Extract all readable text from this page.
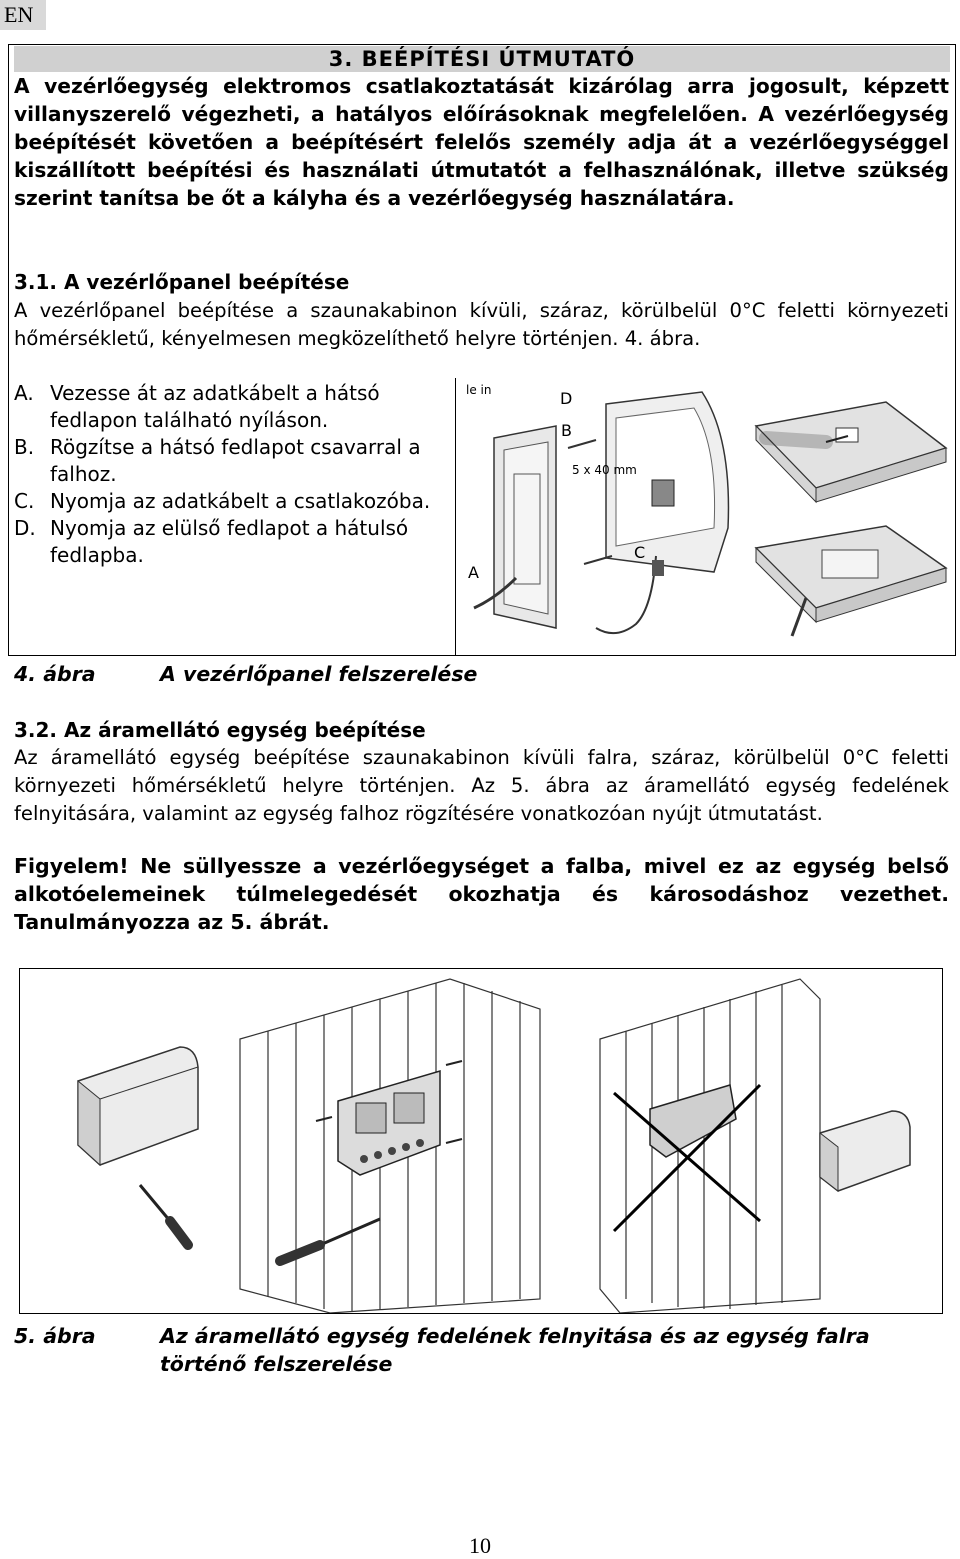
EN
3. BEÉPÍTÉSI ÚTMUTATÓ
A vezérlőegység elektromos csatlakoztatását kizárólag arra jogosult, képzett villanyszerelő végezheti, a hatályos előírásoknak megfelelően. A vezérlőegység beépítését követően a beépítésért felelős személy adja át a vezérlőegységgel kiszállított beépítési és használati útmutatót a felhasználónak, illetve szükség szerint tanítsa be őt a kályha és a vezérlőegység használatára.
3.1. A vezérlőpanel beépítése
A vezérlőpanel beépítése a szaunakabinon kívüli, száraz, körülbelül 0°C feletti környezeti hőmérsékletű, kényelmesen megközelíthető helyre történjen. 4. ábra.
A. Vezesse át az adatkábelt a hátsó fedlapon található nyíláson.
B. Rögzítse a hátsó fedlapot csavarral a falhoz.
C. Nyomja az adatkábelt a csatlakozóba.
D. Nyomja az elülső fedlapot a hátulsó fedlapba.
le in
B
D
5 x 40 mm
C
A
4. ábra	A vezérlőpanel felszerelése
3.2. Az áramellátó egység beépítése
Az áramellátó egység beépítése szaunakabinon kívüli falra, száraz, körülbelül 0°C feletti környezeti hőmérsékletű helyre történjen. Az 5. ábra az áramellátó egység fedelének felnyitására, valamint az egység falhoz rögzítésére vonatkozóan nyújt útmutatást.
Figyelem! Ne süllyessze a vezérlőegységet a falba, mivel ez az egység belső alkotóelemeinek túlmelegedését okozhatja és károsodáshoz vezethet. Tanulmányozza az 5. ábrát.
5. ábra	Az áramellátó egység fedelének felnyitása és az egység falra történő felszerelése
10
